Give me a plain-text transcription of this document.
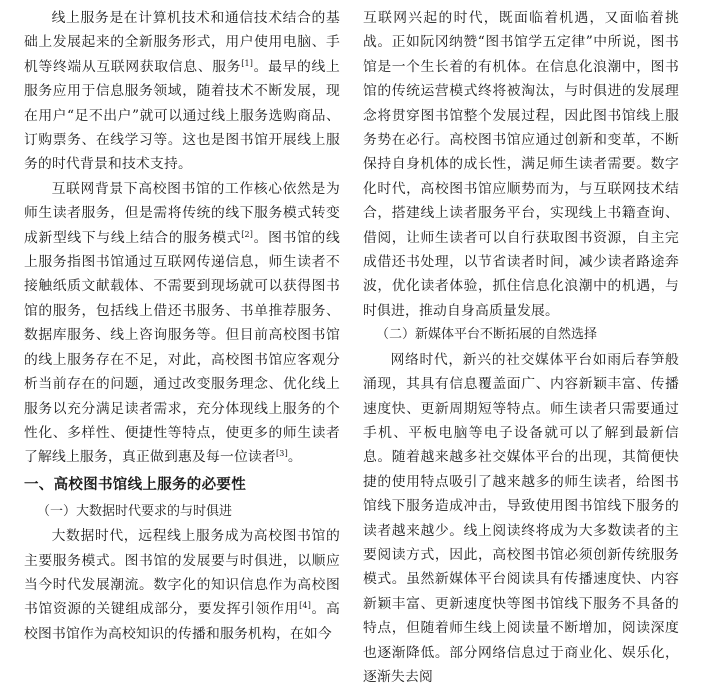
线上服务是在计算机技术和通信技术结合的基础上发展起来的全新服务形式，用户使用电脑、手机等终端从互联网获取信息、服务[1]。最早的线上服务应用于信息服务领域，随着技术不断发展，现在用户“足不出户”就可以通过线上服务选购商品、订购票务、在线学习等。这也是图书馆开展线上服务的时代背景和技术支持。

互联网背景下高校图书馆的工作核心依然是为师生读者服务，但是需将传统的线下服务模式转变成新型线下与线上结合的服务模式[2]。图书馆的线上服务指图书馆通过互联网传递信息，师生读者不接触纸质文献载体、不需要到现场就可以获得图书馆的服务，包括线上借还书服务、书单推荐服务、数据库服务、线上咨询服务等。但目前高校图书馆的线上服务存在不足，对此，高校图书馆应客观分析当前存在的问题，通过改变服务理念、优化线上服务以充分满足读者需求，充分体现线上服务的个性化、多样性、便捷性等特点，使更多的师生读者了解线上服务，真正做到惠及每一位读者[3]。

一、高校图书馆线上服务的必要性
（一）大数据时代要求的与时俱进

大数据时代，远程线上服务成为高校图书馆的主要服务模式。图书馆的发展要与时俱进，以顺应当今时代发展潮流。数字化的知识信息作为高校图书馆资源的关键组成部分，要发挥引领作用[4]。高校图书馆作为高校知识的传播和服务机构，在如今

互联网兴起的时代，既面临着机遇，又面临着挑战。正如阮冈纳赞“图书馆学五定律”中所说，图书馆是一个生长着的有机体。在信息化浪潮中，图书馆的传统运营模式终将被淘汰，与时俱进的发展理念将贯穿图书馆整个发展过程，因此图书馆线上服务势在必行。高校图书馆应通过创新和变革，不断保持自身机体的成长性，满足师生读者需要。数字化时代，高校图书馆应顺势而为，与互联网技术结合，搭建线上读者服务平台，实现线上书籍查询、借阅，让师生读者可以自行获取图书资源，自主完成借还书处理，以节省读者时间，减少读者路途奔波，优化读者体验，抓住信息化浪潮中的机遇，与时俱进，推动自身高质量发展。

（二）新媒体平台不断拓展的自然选择

网络时代，新兴的社交媒体平台如雨后春笋般涌现，其具有信息覆盖面广、内容新颖丰富、传播速度快、更新周期短等特点。师生读者只需要通过手机、平板电脑等电子设备就可以了解到最新信息。随着越来越多社交媒体平台的出现，其简便快捷的使用特点吸引了越来越多的师生读者，给图书馆线下服务造成冲击，导致使用图书馆线下服务的读者越来越少。线上阅读终将成为大多数读者的主要阅读方式，因此，高校图书馆必须创新传统服务模式。虽然新媒体平台阅读具有传播速度快、内容新颖丰富、更新速度快等图书馆线下服务不具备的特点，但随着师生线上阅读量不断增加，阅读深度也逐渐降低。部分网络信息过于商业化、娱乐化，逐渐失去阅
